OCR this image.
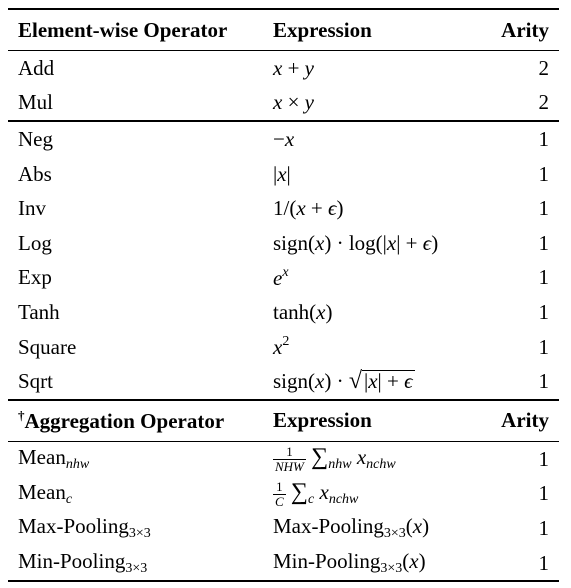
Element-wise Operator	Expression	Arity
Add	x + y	2
Mul	x × y	2
Neg	−x	1
Abs	|x|	1
Inv	1/(x + ϵ)	1
Log	sign(x) · log(|x| + ϵ)	1
Exp	$e^x$	1
Tanh	tanh(x)	1
Square	$x^2$	1
Sqrt	sign(x) · √|x| + ϵ	1
†Aggregation Operator	Expression	Arity
Meannhw	$\frac{1}{\text{NHW}} \sum nhw$ xnchw	1
Meanc	$\frac{1}{C} \sum c$ xnchw	1
Max-Pooling$_{3\times 3}$	Max-Pooling$_{3\times 3}$(x)	1
Min-Pooling$_{3\times 3}$	Min-Pooling$_{3\times 3}$(x)	1
